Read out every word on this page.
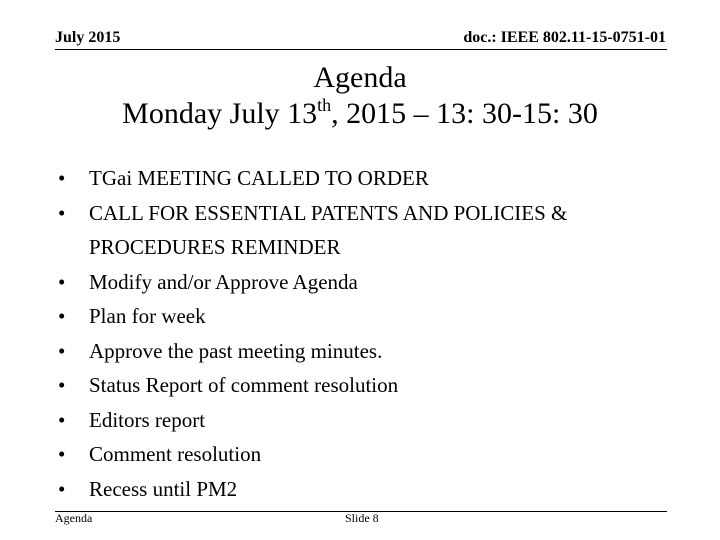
July 2015	doc.: IEEE 802.11-15-0751-01
Agenda
Monday July 13th, 2015 – 13: 30-15: 30
• TGai MEETING CALLED TO ORDER
• CALL FOR ESSENTIAL PATENTS AND POLICIES & PROCEDURES REMINDER
• Modify and/or Approve Agenda
• Plan for week
• Approve the past meeting minutes.
• Status Report of comment resolution
• Editors report
• Comment resolution
• Recess until PM2
Agenda	Slide 8
